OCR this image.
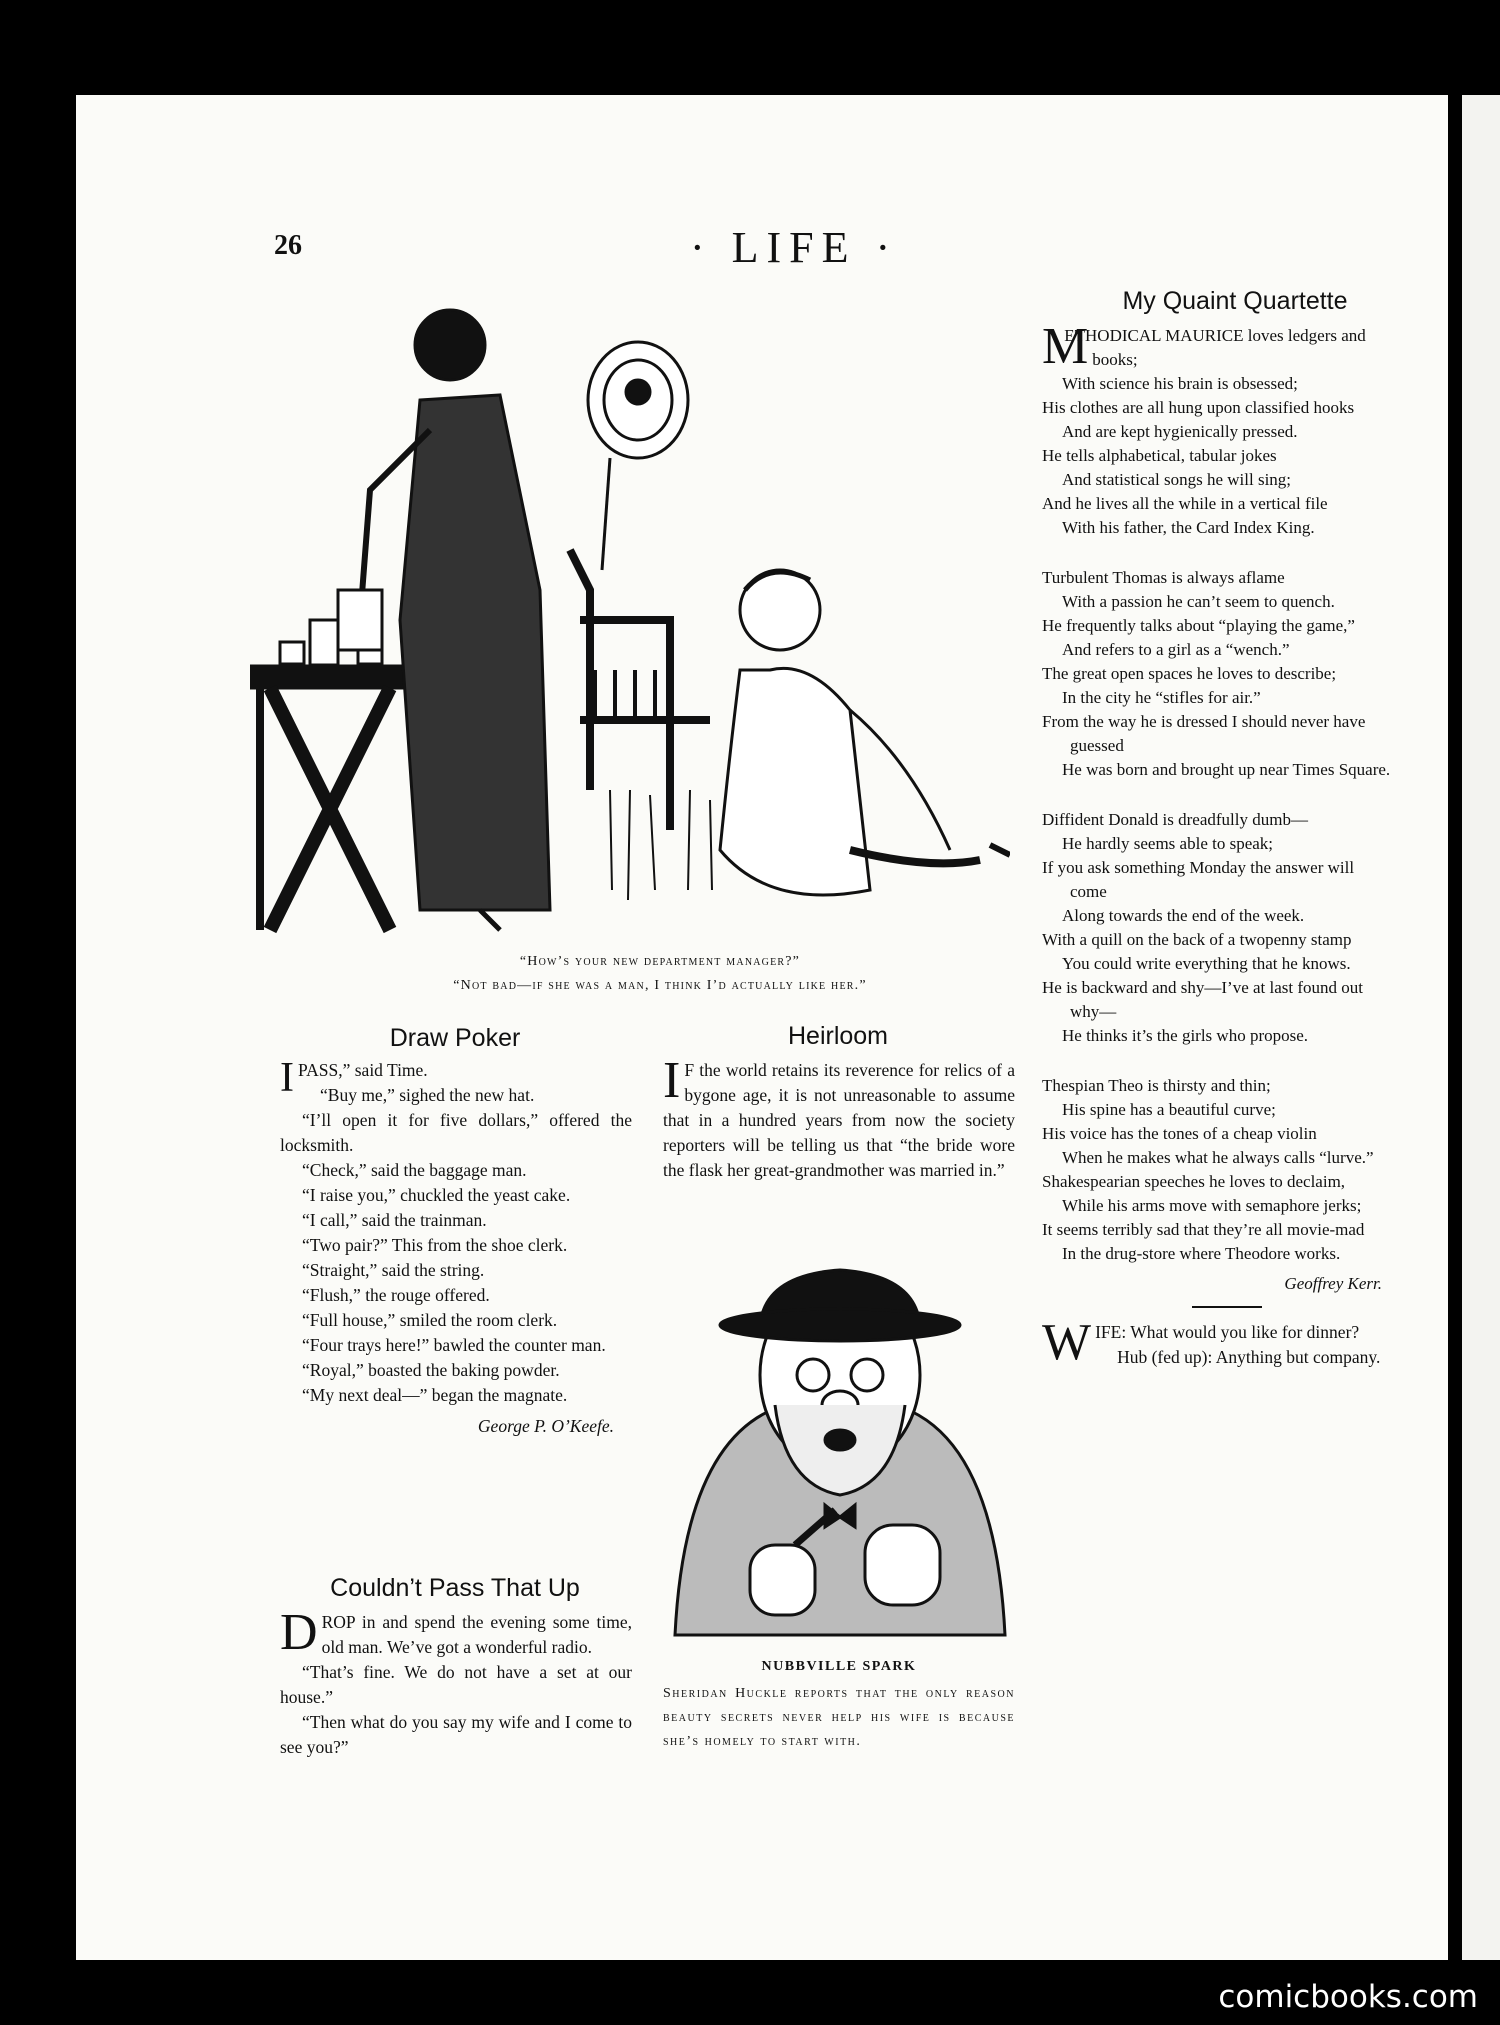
26	· LIFE ·
“How’s your new department manager?”
“Not bad—if she was a man, I think I’d actually like her.”
Draw Poker

IPASS,” said Time.

“Buy me,” sighed the new hat.

“I’ll open it for five dollars,” offered the locksmith.

“Check,” said the baggage man.

“I raise you,” chuckled the yeast cake.

“I call,” said the trainman.

“Two pair?” This from the shoe clerk.

“Straight,” said the string.

“Flush,” the rouge offered.

“Full house,” smiled the room clerk.

“Four trays here!” bawled the counter man.

“Royal,” boasted the baking powder.

“My next deal—” began the magnate.

George P. O’Keefe.
Couldn’t Pass That Up

DROP in and spend the evening some time, old man. We’ve got a wonderful radio.

“That’s fine. We do not have a set at our house.”

“Then what do you say my wife and I come to see you?”

Heirloom

I F the world retains its reverence for relics of a bygone age, it is not unreasonable to assume that in a hundred years from now the society reporters will be telling us that “the bride wore the flask her great-grandmother was married in.”

NUBBVILLE SPARK
Sheridan Huckle reports that the only reason beauty secrets never help his wife is because she’s homely to start with.
My Quaint Quartette
M
ETHODICAL MAURICE loves ledgers and books;
With science his brain is obsessed;
His clothes are all hung upon classified hooks
And are kept hygienically pressed.
He tells alphabetical, tabular jokes
And statistical songs he will sing;
And he lives all the while in a vertical file
With his father, the Card Index King.
Turbulent Thomas is always aflame
With a passion he can’t seem to quench.
He frequently talks about “playing the game,”
And refers to a girl as a “wench.”
The great open spaces he loves to describe;
In the city he “stifles for air.”
From the way he is dressed I should never have guessed
He was born and brought up near Times Square.
Diffident Donald is dreadfully dumb—
He hardly seems able to speak;
If you ask something Monday the answer will come
Along towards the end of the week.
With a quill on the back of a twopenny stamp
You could write everything that he knows.
He is backward and shy—I’ve at last found out why—
He thinks it’s the girls who propose.
Thespian Theo is thirsty and thin;
His spine has a beautiful curve;
His voice has the tones of a cheap violin
When he makes what he always calls “lurve.”
Shakespearian speeches he loves to declaim,
While his arms move with semaphore jerks;
It seems terribly sad that they’re all movie-mad
In the drug-store where Theodore works.
Geoffrey Kerr.

WIFE: What would you like for dinner?

Hub (fed up): Anything but company.

comicbooks.com
